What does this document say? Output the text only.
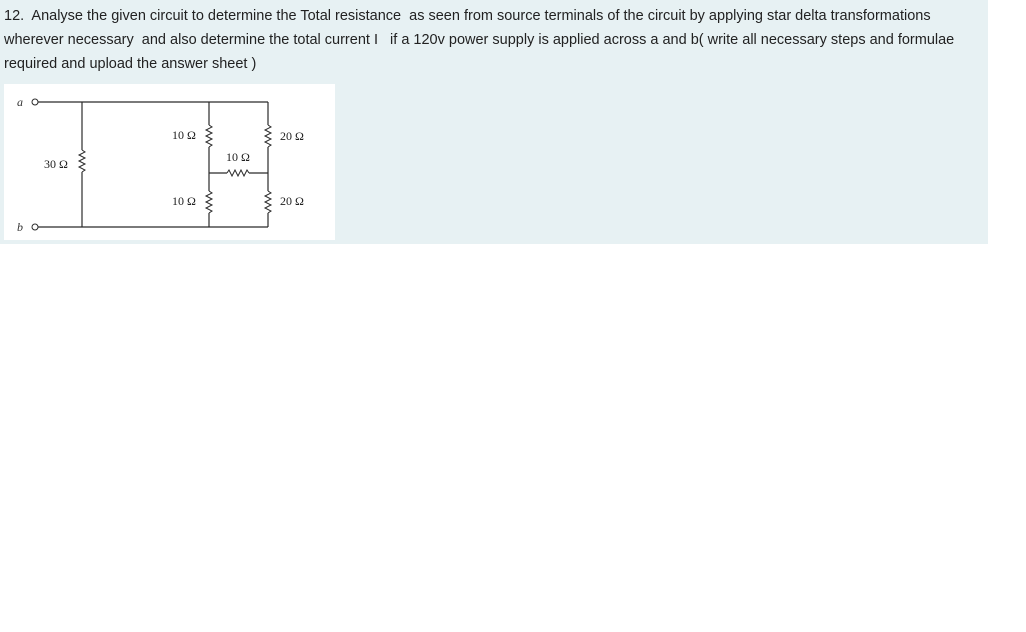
12.  Analyse the given circuit to determine the Total resistance  as seen from source terminals of the circuit by applying star delta transformations wherever necessary  and also determine the total current I   if a 120v power supply is applied across a and b( write all necessary steps and formulae required and upload the answer sheet )

a
b
30 Ω
10 Ω
10 Ω
10 Ω
20 Ω
20 Ω
